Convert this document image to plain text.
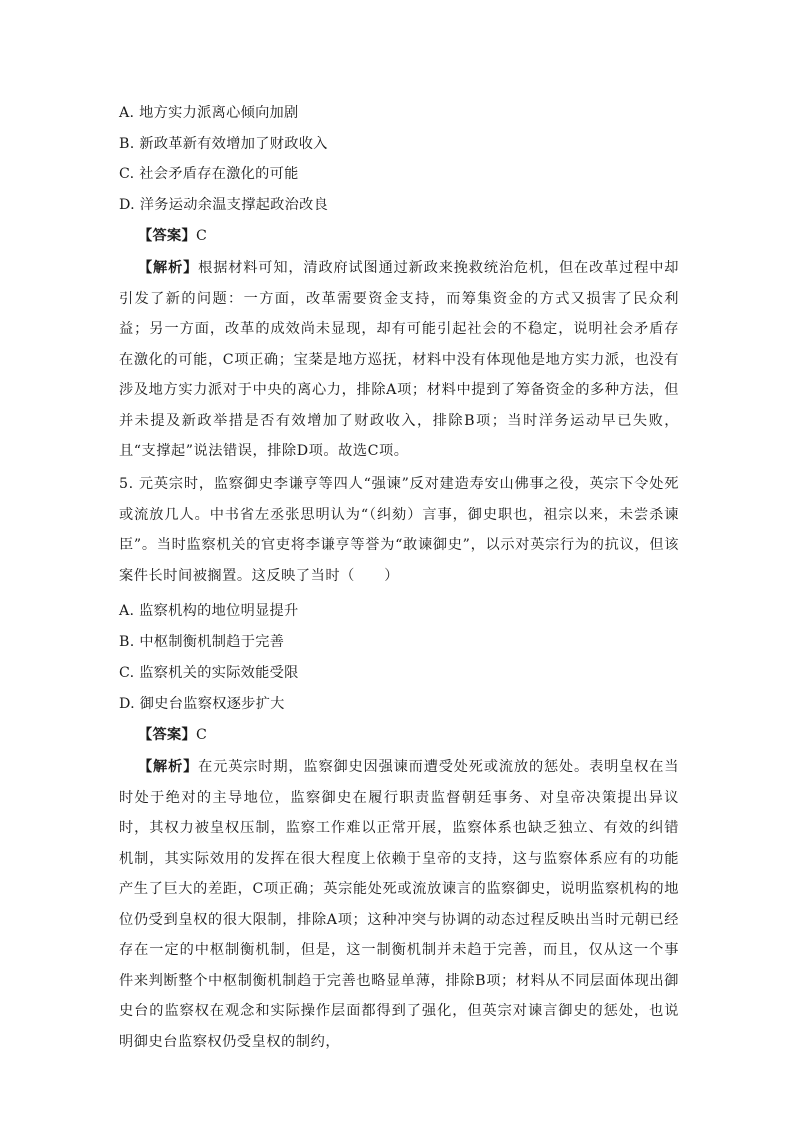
A. 地方实力派离心倾向加剧
B. 新政革新有效增加了财政收入
C. 社会矛盾存在激化的可能
D. 洋务运动余温支撑起政治改良
【答案】C
【解析】根据材料可知，清政府试图通过新政来挽救统治危机，但在改革过程中却引发了新的问题：一方面，改革需要资金支持，而筹集资金的方式又损害了民众利益；另一方面，改革的成效尚未显现，却有可能引起社会的不稳定，说明社会矛盾存在激化的可能，C项正确；宝棻是地方巡抚，材料中没有体现他是地方实力派，也没有涉及地方实力派对于中央的离心力，排除A项；材料中提到了筹备资金的多种方法，但并未提及新政举措是否有效增加了财政收入，排除B项；当时洋务运动早已失败，且“支撑起”说法错误，排除D项。故选C项。
5. 元英宗时，监察御史李谦亨等四人“强谏”反对建造寿安山佛事之役，英宗下令处死或流放几人。中书省左丞张思明认为“（纠劾）言事，御史职也，祖宗以来，未尝杀谏臣”。当时监察机关的官吏将李谦亨等誉为“敢谏御史”，以示对英宗行为的抗议，但该案件长时间被搁置。这反映了当时（　　）
A. 监察机构的地位明显提升
B. 中枢制衡机制趋于完善
C. 监察机关的实际效能受限
D. 御史台监察权逐步扩大
【答案】C
【解析】在元英宗时期，监察御史因强谏而遭受处死或流放的惩处。表明皇权在当时处于绝对的主导地位，监察御史在履行职责监督朝廷事务、对皇帝决策提出异议时，其权力被皇权压制，监察工作难以正常开展，监察体系也缺乏独立、有效的纠错机制，其实际效用的发挥在很大程度上依赖于皇帝的支持，这与监察体系应有的功能产生了巨大的差距，C项正确；英宗能处死或流放谏言的监察御史，说明监察机构的地位仍受到皇权的很大限制，排除A项；这种冲突与协调的动态过程反映出当时元朝已经存在一定的中枢制衡机制，但是，这一制衡机制并未趋于完善，而且，仅从这一个事件来判断整个中枢制衡机制趋于完善也略显单薄，排除B项；材料从不同层面体现出御史台的监察权在观念和实际操作层面都得到了强化，但英宗对谏言御史的惩处，也说明御史台监察权仍受皇权的制约，
